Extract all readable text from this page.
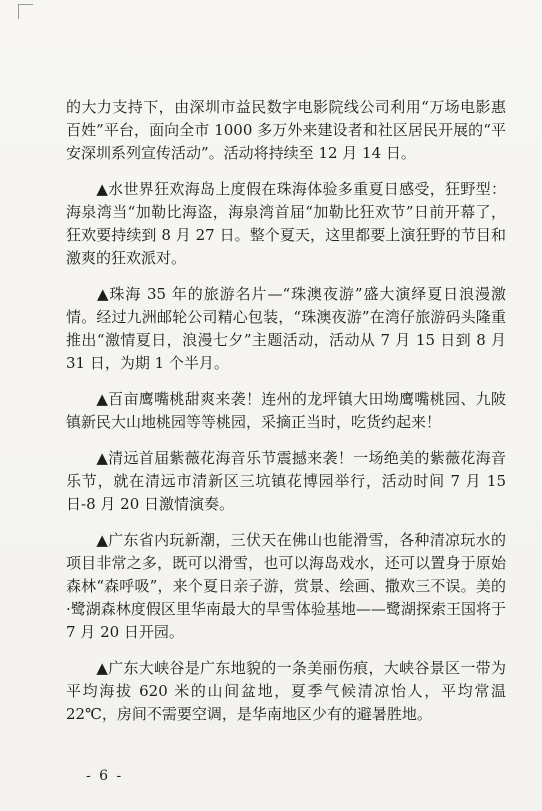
的大力支持下，由深圳市益民数字电影院线公司利用“万场电影惠百姓”平台，面向全市 1000 多万外来建设者和社区居民开展的“平安深圳系列宣传活动”。活动将持续至 12 月 14 日。

▲水世界狂欢海岛上度假在珠海体验多重夏日感受，狂野型：海泉湾当“加勒比海盗，海泉湾首届“加勒比狂欢节”日前开幕了，狂欢要持续到 8 月 27 日。整个夏天，这里都要上演狂野的节目和激爽的狂欢派对。

▲珠海 35 年的旅游名片—“珠澳夜游”盛大演绎夏日浪漫激情。经过九洲邮轮公司精心包装，“珠澳夜游”在湾仔旅游码头隆重推出“激情夏日，浪漫七夕”主题活动，活动从 7 月 15 日到 8 月 31 日，为期 1 个半月。

▲百亩鹰嘴桃甜爽来袭！连州的龙坪镇大田坳鹰嘴桃园、九陂镇新民大山地桃园等等桃园，采摘正当时，吃货约起来！

▲清远首届紫薇花海音乐节震撼来袭！一场绝美的紫薇花海音乐节，就在清远市清新区三坑镇花博园举行，活动时间 7 月 15 日-8 月 20 日激情演奏。

▲广东省内玩新潮，三伏天在佛山也能滑雪，各种清凉玩水的项目非常之多，既可以滑雪，也可以海岛戏水，还可以置身于原始森林“森呼吸”，来个夏日亲子游，赏景、绘画、撒欢三不误。美的·鹭湖森林度假区里华南最大的旱雪体验基地——鹭湖探索王国将于 7 月 20 日开园。

▲广东大峡谷是广东地貌的一条美丽伤痕，大峡谷景区一带为平均海拔 620 米的山间盆地，夏季气候清凉怡人，平均常温 22℃，房间不需要空调，是华南地区少有的避暑胜地。

- 6 -
